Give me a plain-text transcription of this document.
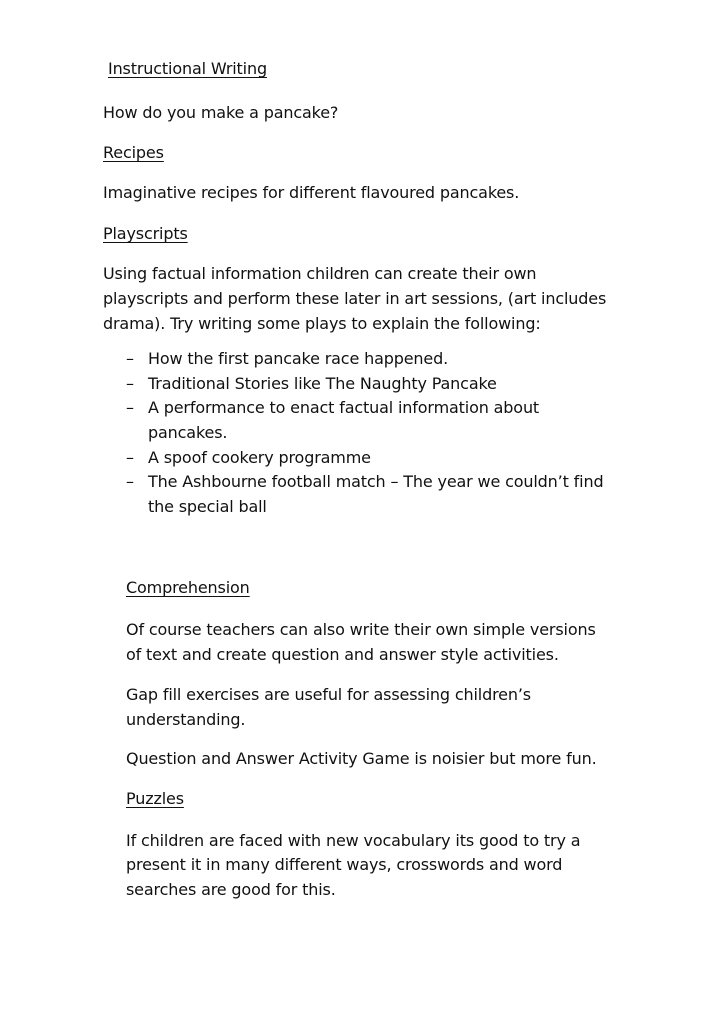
Instructional Writing
How do you make a pancake?
Recipes
Imaginative recipes for different flavoured pancakes.
Playscripts
Using factual information children can create their own
playscripts and perform these later in art sessions, (art includes
drama). Try writing some plays to explain the following:
– How the first pancake race happened.
– Traditional Stories like The Naughty Pancake
– A performance to enact factual information about
pancakes.
– A spoof cookery programme
– The Ashbourne football match – The year we couldn’t find
the special ball
Comprehension
Of course teachers can also write their own simple versions
of text and create question and answer style activities.
Gap fill exercises are useful for assessing children’s
understanding.
Question and Answer Activity Game is noisier but more fun.
Puzzles
If children are faced with new vocabulary its good to try a
present it in many different ways, crosswords and word
searches are good for this.
